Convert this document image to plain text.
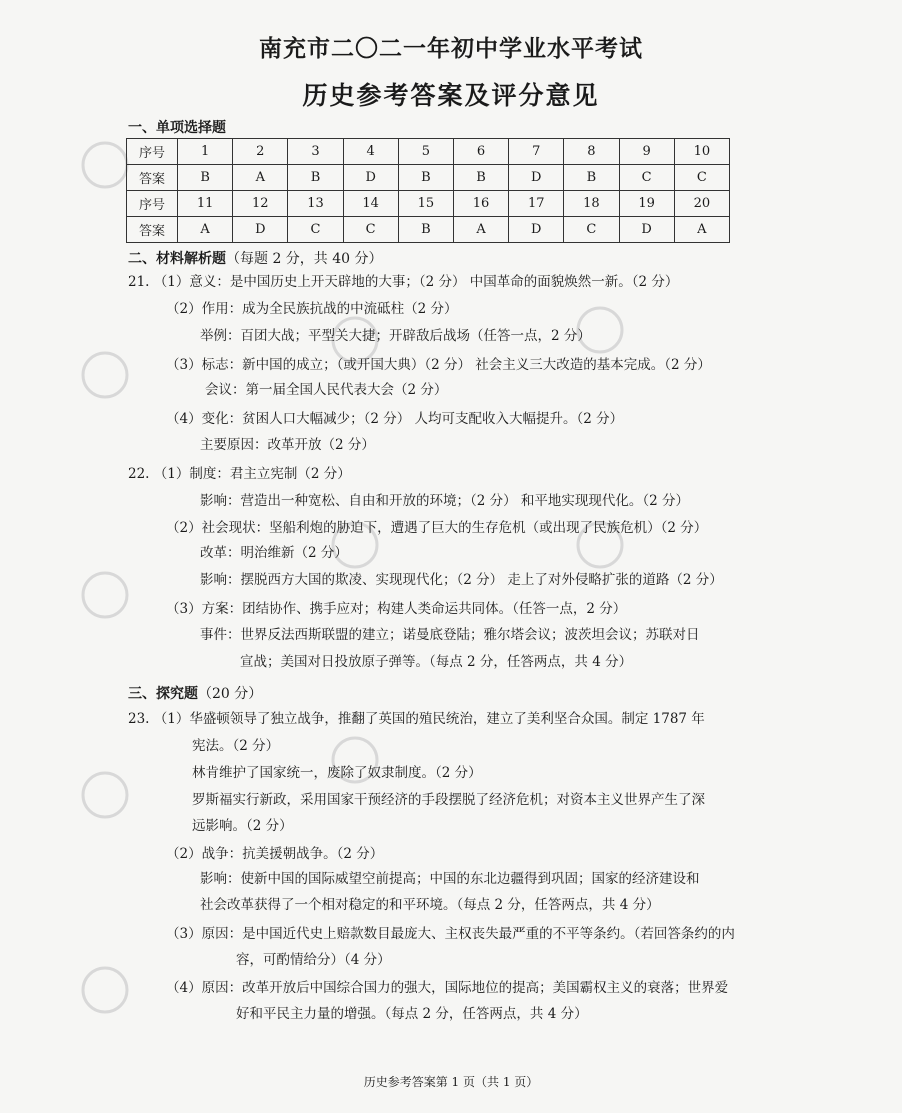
南充市二〇二一年初中学业水平考试
历史参考答案及评分意见
一、单项选择题
序号	1	2	3	4	5	6	7	8	9	10
答案	B	A	B	D	B	B	D	B	C	C
序号	11	12	13	14	15	16	17	18	19	20
答案	A	D	C	C	B	A	D	C	D	A
二、材料解析题（每题 2 分，共 40 分）
21. （1）意义：是中国历史上开天辟地的大事；（2 分） 中国革命的面貌焕然一新。（2 分）
（2）作用：成为全民族抗战的中流砥柱（2 分）
举例：百团大战；平型关大捷；开辟敌后战场（任答一点，2 分）
（3）标志：新中国的成立；（或开国大典）（2 分） 社会主义三大改造的基本完成。（2 分）
会议：第一届全国人民代表大会（2 分）
（4）变化：贫困人口大幅减少；（2 分） 人均可支配收入大幅提升。（2 分）
主要原因：改革开放（2 分）
22. （1）制度：君主立宪制（2 分）
影响：营造出一种宽松、自由和开放的环境；（2 分） 和平地实现现代化。（2 分）
（2）社会现状：坚船利炮的胁迫下，遭遇了巨大的生存危机（或出现了民族危机）（2 分）
改革：明治维新（2 分）
影响：摆脱西方大国的欺凌、实现现代化；（2 分） 走上了对外侵略扩张的道路（2 分）
（3）方案：团结协作、携手应对；构建人类命运共同体。（任答一点，2 分）
事件：世界反法西斯联盟的建立；诺曼底登陆；雅尔塔会议；波茨坦会议；苏联对日
宣战；美国对日投放原子弹等。（每点 2 分，任答两点，共 4 分）
三、探究题（20 分）
23. （1）华盛顿领导了独立战争，推翻了英国的殖民统治，建立了美利坚合众国。制定 1787 年
宪法。（2 分）
林肯维护了国家统一，废除了奴隶制度。（2 分）
罗斯福实行新政，采用国家干预经济的手段摆脱了经济危机；对资本主义世界产生了深
远影响。（2 分）
（2）战争：抗美援朝战争。（2 分）
影响：使新中国的国际威望空前提高；中国的东北边疆得到巩固；国家的经济建设和
社会改革获得了一个相对稳定的和平环境。（每点 2 分，任答两点，共 4 分）
（3）原因：是中国近代史上赔款数目最庞大、主权丧失最严重的不平等条约。（若回答条约的内
容，可酌情给分）（4 分）
（4）原因：改革开放后中国综合国力的强大，国际地位的提高；美国霸权主义的衰落；世界爱
好和平民主力量的增强。（每点 2 分，任答两点，共 4 分）
历史参考答案第 1 页（共 1 页）
